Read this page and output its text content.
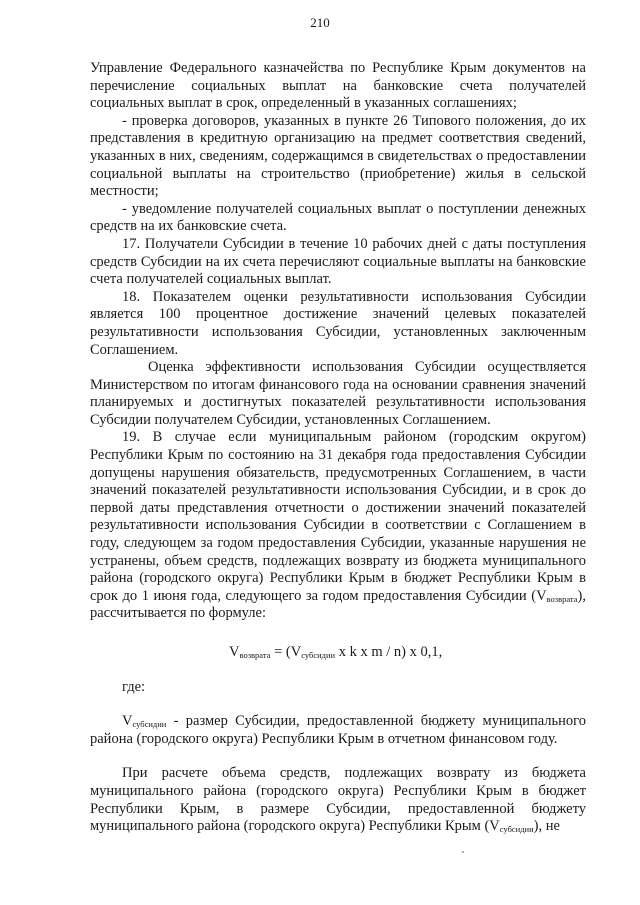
210

Управление Федерального казначейства по Республике Крым документов на перечисление социальных выплат на банковские счета получателей социальных выплат в срок, определенный в указанных соглашениях;

- проверка договоров, указанных в пункте 26 Типового положения, до их представления в кредитную организацию на предмет соответствия сведений, указанных в них, сведениям, содержащимся в свидетельствах о предоставлении социальной выплаты на строительство (приобретение) жилья в сельской местности;

- уведомление получателей социальных выплат о поступлении денежных средств на их банковские счета.

17. Получатели Субсидии в течение 10 рабочих дней с даты поступления средств Субсидии на их счета перечисляют социальные выплаты на банковские счета получателей социальных выплат.

18. Показателем оценки результативности использования Субсидии является 100 процентное достижение значений целевых показателей результативности использования Субсидии, установленных заключенным Соглашением.

Оценка эффективности использования Субсидии осуществляется Министерством по итогам финансового года на основании сравнения значений планируемых и достигнутых показателей результативности использования Субсидии получателем Субсидии, установленных Соглашением.

19. В случае если муниципальным районом (городским округом) Республики Крым по состоянию на 31 декабря года предоставления Субсидии допущены нарушения обязательств, предусмотренных Соглашением, в части значений показателей результативности использования Субсидии, и в срок до первой даты представления отчетности о достижении значений показателей результативности использования Субсидии в соответствии с Соглашением в году, следующем за годом предоставления Субсидии, указанные нарушения не устранены, объем средств, подлежащих возврату из бюджета муниципального района (городского округа) Республики Крым в бюджет Республики Крым в срок до 1 июня года, следующего за годом предоставления Субсидии $(V_{возврата})$, рассчитывается по формуле:

$V_{возврата} = (V_{субсидии}$ x k x m / n) x 0,1,

где:

$V_{субсидии}$ - размер Субсидии, предоставленной бюджету муниципального района (городского округа) Республики Крым в отчетном финансовом году.

При расчете объема средств, подлежащих возврату из бюджета муниципального района (городского округа) Республики Крым в бюджет Республики Крым, в размере Субсидии, предоставленной бюджету муниципального района (городского округа) Республики Крым $(V_{субсидии})$, не
